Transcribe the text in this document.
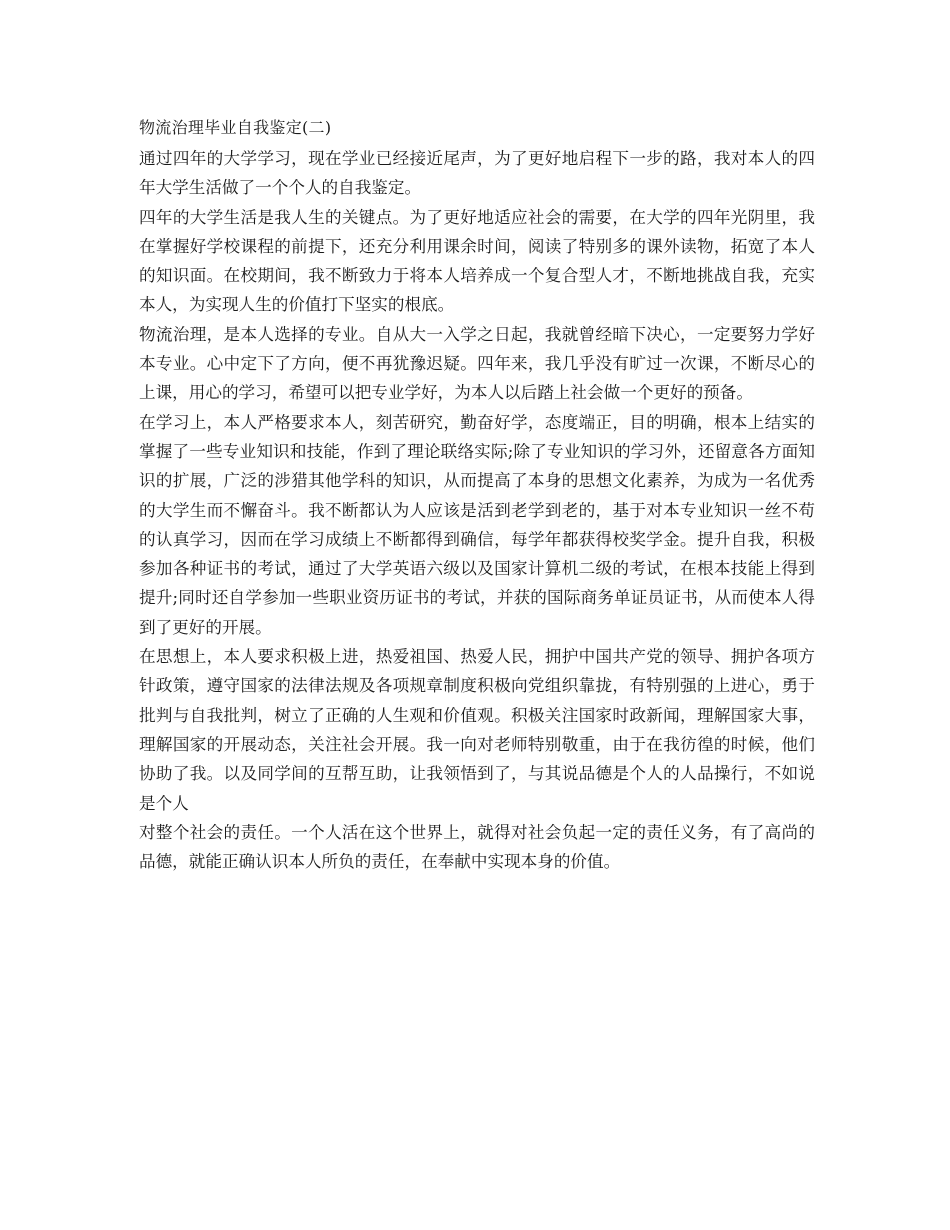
物流治理毕业自我鉴定(二)

通过四年的大学学习，现在学业已经接近尾声，为了更好地启程下一步的路，我对本人的四年大学生活做了一个个人的自我鉴定。

四年的大学生活是我人生的关键点。为了更好地适应社会的需要，在大学的四年光阴里，我在掌握好学校课程的前提下，还充分利用课余时间，阅读了特别多的课外读物，拓宽了本人的知识面。在校期间，我不断致力于将本人培养成一个复合型人才，不断地挑战自我，充实本人，为实现人生的价值打下坚实的根底。

物流治理，是本人选择的专业。自从大一入学之日起，我就曾经暗下决心，一定要努力学好本专业。心中定下了方向，便不再犹豫迟疑。四年来，我几乎没有旷过一次课，不断尽心的上课，用心的学习，希望可以把专业学好，为本人以后踏上社会做一个更好的预备。

在学习上，本人严格要求本人，刻苦研究，勤奋好学，态度端正，目的明确，根本上结实的掌握了一些专业知识和技能，作到了理论联络实际;除了专业知识的学习外，还留意各方面知识的扩展，广泛的涉猎其他学科的知识，从而提高了本身的思想文化素养，为成为一名优秀的大学生而不懈奋斗。我不断都认为人应该是活到老学到老的，基于对本专业知识一丝不苟的认真学习，因而在学习成绩上不断都得到确信，每学年都获得校奖学金。提升自我，积极参加各种证书的考试，通过了大学英语六级以及国家计算机二级的考试，在根本技能上得到提升;同时还自学参加一些职业资历证书的考试，并获的国际商务单证员证书，从而使本人得到了更好的开展。

在思想上，本人要求积极上进，热爱祖国、热爱人民，拥护中国共产党的领导、拥护各项方针政策，遵守国家的法律法规及各项规章制度积极向党组织靠拢，有特别强的上进心，勇于批判与自我批判，树立了正确的人生观和价值观。积极关注国家时政新闻，理解国家大事，理解国家的开展动态，关注社会开展。我一向对老师特别敬重，由于在我彷徨的时候，他们协助了我。以及同学间的互帮互助，让我领悟到了，与其说品德是个人的人品操行，不如说是个人

对整个社会的责任。一个人活在这个世界上，就得对社会负起一定的责任义务，有了高尚的品德，就能正确认识本人所负的责任，在奉献中实现本身的价值。
